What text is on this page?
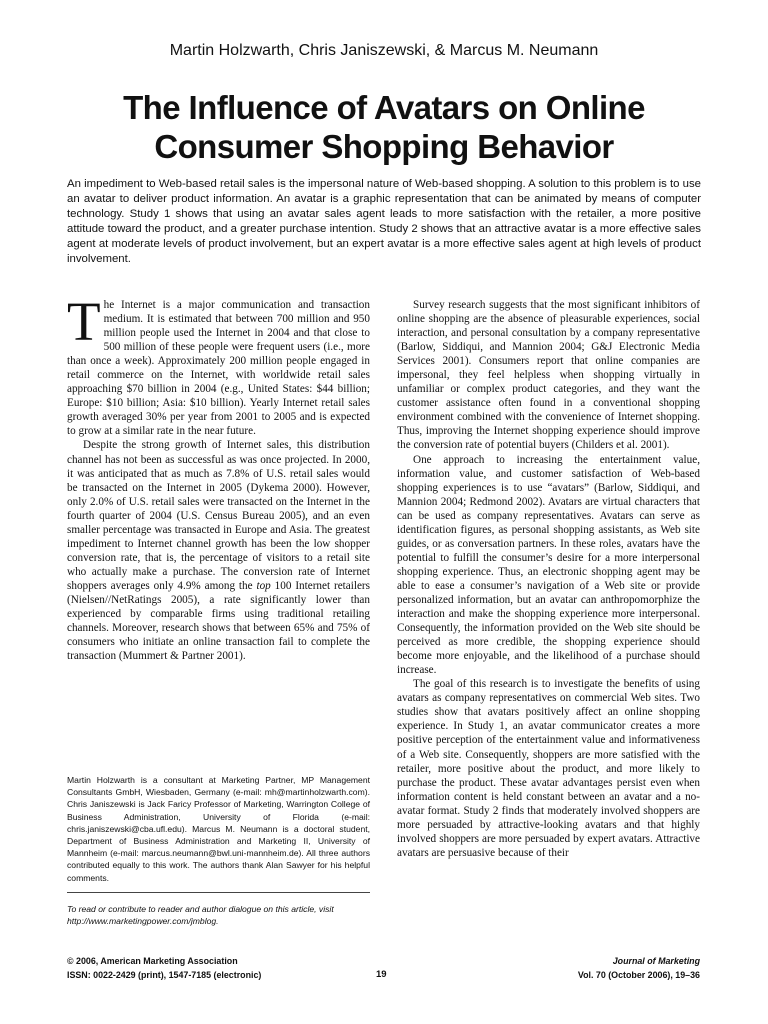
Martin Holzwarth, Chris Janiszewski, & Marcus M. Neumann
The Influence of Avatars on Online
Consumer Shopping Behavior

An impediment to Web-based retail sales is the impersonal nature of Web-based shopping. A solution to this problem is to use an avatar to deliver product information. An avatar is a graphic representation that can be animated by means of computer technology. Study 1 shows that using an avatar sales agent leads to more satisfaction with the retailer, a more positive attitude toward the product, and a greater purchase intention. Study 2 shows that an attractive avatar is a more effective sales agent at moderate levels of product involvement, but an expert avatar is a more effective sales agent at high levels of product involvement.

The Internet is a major communication and transaction medium. It is estimated that between 700 million and 950 million people used the Internet in 2004 and that close to 500 million of these people were frequent users (i.e., more than once a week). Approximately 200 million people engaged in retail commerce on the Internet, with worldwide retail sales approaching $70 billion in 2004 (e.g., United States: $44 billion; Europe: $10 billion; Asia: $10 billion). Yearly Internet retail sales growth averaged 30% per year from 2001 to 2005 and is expected to grow at a similar rate in the near future.

Despite the strong growth of Internet sales, this distribution channel has not been as successful as was once projected. In 2000, it was anticipated that as much as 7.8% of U.S. retail sales would be transacted on the Internet in 2005 (Dykema 2000). However, only 2.0% of U.S. retail sales were transacted on the Internet in the fourth quarter of 2004 (U.S. Census Bureau 2005), and an even smaller percentage was transacted in Europe and Asia. The greatest impediment to Internet channel growth has been the low shopper conversion rate, that is, the percentage of visitors to a retail site who actually make a purchase. The conversion rate of Internet shoppers averages only 4.9% among the top 100 Internet retailers (Nielsen//NetRatings 2005), a rate significantly lower than experienced by comparable firms using traditional retailing channels. Moreover, research shows that between 65% and 75% of consumers who initiate an online transaction fail to complete the transaction (Mummert & Partner 2001).

Survey research suggests that the most significant inhibitors of online shopping are the absence of pleasurable experiences, social interaction, and personal consultation by a company representative (Barlow, Siddiqui, and Mannion 2004; G&J Electronic Media Services 2001). Consumers report that online companies are impersonal, they feel helpless when shopping virtually in unfamiliar or complex product categories, and they want the customer assistance often found in a conventional shopping environment combined with the convenience of Internet shopping. Thus, improving the Internet shopping experience should improve the conversion rate of potential buyers (Childers et al. 2001).

One approach to increasing the entertainment value, information value, and customer satisfaction of Web-based shopping experiences is to use “avatars” (Barlow, Siddiqui, and Mannion 2004; Redmond 2002). Avatars are virtual characters that can be used as company representatives. Avatars can serve as identification figures, as personal shopping assistants, as Web site guides, or as conversation partners. In these roles, avatars have the potential to fulfill the consumer’s desire for a more interpersonal shopping experience. Thus, an electronic shopping agent may be able to ease a consumer’s navigation of a Web site or provide personalized information, but an avatar can anthropomorphize the interaction and make the shopping experience more interpersonal. Consequently, the information provided on the Web site should be perceived as more credible, the shopping experience should become more enjoyable, and the likelihood of a purchase should increase.

The goal of this research is to investigate the benefits of using avatars as company representatives on commercial Web sites. Two studies show that avatars positively affect an online shopping experience. In Study 1, an avatar communicator creates a more positive perception of the entertainment value and informativeness of a Web site. Consequently, shoppers are more satisfied with the retailer, more positive about the product, and more likely to purchase the product. These avatar advantages persist even when information content is held constant between an avatar and a no-avatar format. Study 2 finds that moderately involved shoppers are more persuaded by attractive-looking avatars and that highly involved shoppers are more persuaded by expert avatars. Attractive avatars are persuasive because of their

Martin Holzwarth is a consultant at Marketing Partner, MP Management Consultants GmbH, Wiesbaden, Germany (e-mail: mh@martinholzwarth.com). Chris Janiszewski is Jack Faricy Professor of Marketing, Warrington College of Business Administration, University of Florida (e-mail: chris.janiszewski@cba.ufl.edu). Marcus M. Neumann is a doctoral student, Department of Business Administration and Marketing II, University of Mannheim (e-mail: marcus.neumann@bwl.uni-mannheim.de). All three authors contributed equally to this work. The authors thank Alan Sawyer for his helpful comments.
To read or contribute to reader and author dialogue on this article, visit http://www.marketingpower.com/jmblog.
© 2006, American Marketing Association
ISSN: 0022-2429 (print), 1547-7185 (electronic)	19
Journal of Marketing
Vol. 70 (October 2006), 19–36
